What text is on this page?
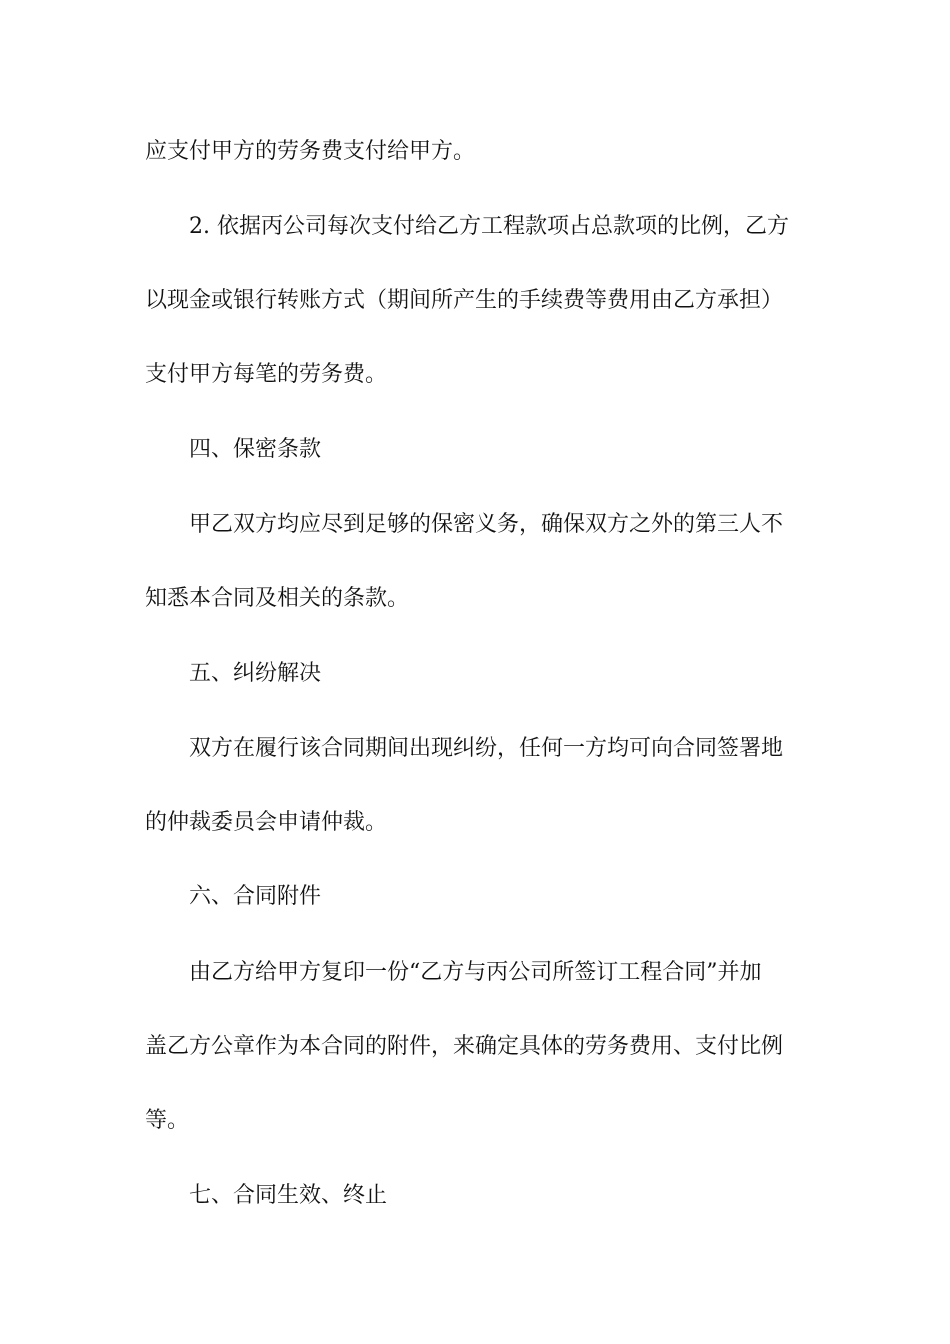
应支付甲方的劳务费支付给甲方。
2. 依据丙公司每次支付给乙方工程款项占总款项的比例，乙方
以现金或银行转账方式（期间所产生的手续费等费用由乙方承担）
支付甲方每笔的劳务费。
四、保密条款
甲乙双方均应尽到足够的保密义务，确保双方之外的第三人不
知悉本合同及相关的条款。
五、纠纷解决
双方在履行该合同期间出现纠纷，任何一方均可向合同签署地
的仲裁委员会申请仲裁。
六、合同附件
由乙方给甲方复印一份“乙方与丙公司所签订工程合同”并加
盖乙方公章作为本合同的附件，来确定具体的劳务费用、支付比例
等。
七、合同生效、终止
